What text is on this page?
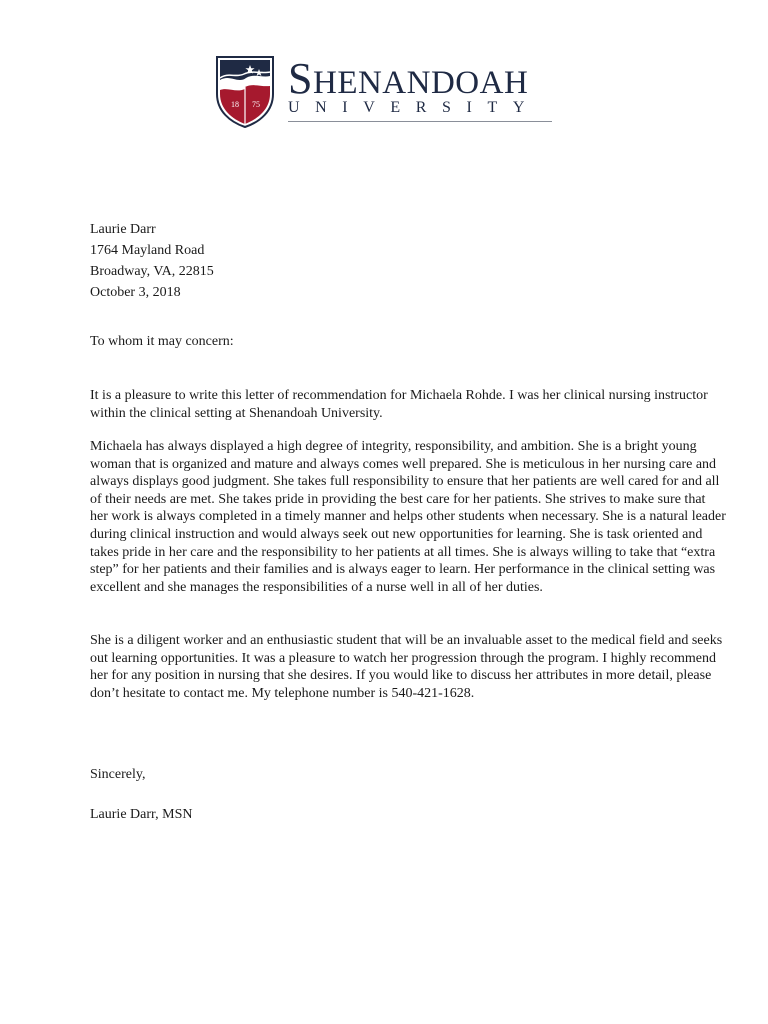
18 75
SHENANDOAH
UNIVERSITY
Laurie Darr
1764 Mayland Road
Broadway, VA, 22815
October 3, 2018
To whom it may concern:

It is a pleasure to write this letter of recommendation for Michaela Rohde. I was her clinical nursing instructor within the clinical setting at Shenandoah University.

Michaela has always displayed a high degree of integrity, responsibility, and ambition. She is a bright young woman that is organized and mature and always comes well prepared. She is meticulous in her nursing care and always displays good judgment. She takes full responsibility to ensure that her patients are well cared for and all of their needs are met. She takes pride in providing the best care for her patients. She strives to make sure that her work is always completed in a timely manner and helps other students when necessary. She is a natural leader during clinical instruction and would always seek out new opportunities for learning. She is task oriented and takes pride in her care and the responsibility to her patients at all times. She is always willing to take that “extra step” for her patients and their families and is always eager to learn. Her performance in the clinical setting was excellent and she manages the responsibilities of a nurse well in all of her duties.

She is a diligent worker and an enthusiastic student that will be an invaluable asset to the medical field and seeks out learning opportunities. It was a pleasure to watch her progression through the program. I highly recommend her for any position in nursing that she desires. If you would like to discuss her attributes in more detail, please don’t hesitate to contact me. My telephone number is 540-421-1628.

Sincerely,
Laurie Darr, MSN
